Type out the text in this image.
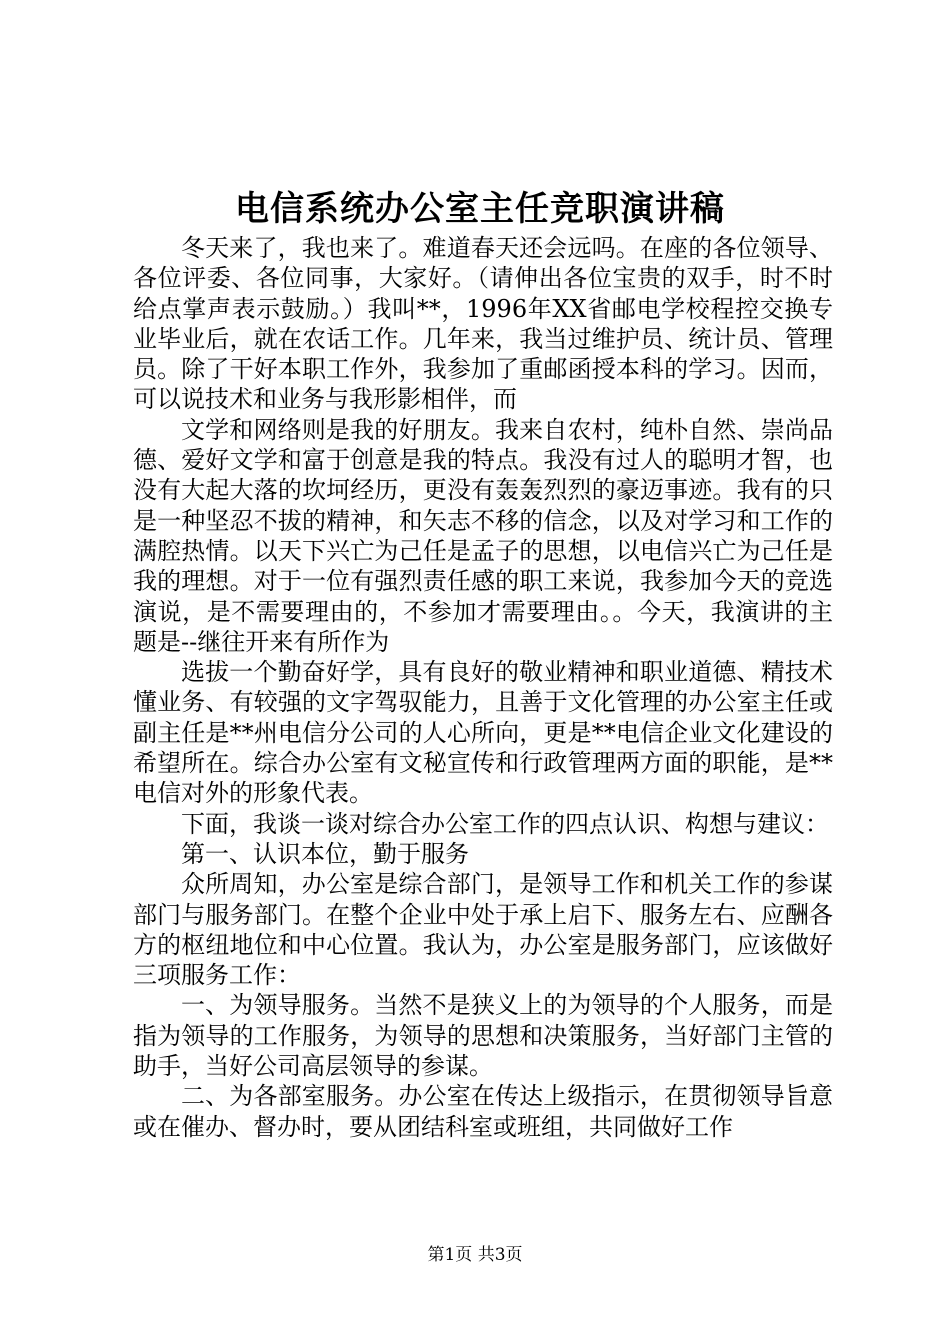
电信系统办公室主任竞职演讲稿

冬天来了，我也来了。难道春天还会远吗。在座的各位领导、各位评委、各位同事，大家好。（请伸出各位宝贵的双手，时不时给点掌声表示鼓励。）我叫**，1996年XX省邮电学校程控交换专业毕业后，就在农话工作。几年来，我当过维护员、统计员、管理员。除了干好本职工作外，我参加了重邮函授本科的学习。因而，可以说技术和业务与我形影相伴，而

文学和网络则是我的好朋友。我来自农村，纯朴自然、崇尚品德、爱好文学和富于创意是我的特点。我没有过人的聪明才智，也没有大起大落的坎坷经历，更没有轰轰烈烈的豪迈事迹。我有的只是一种坚忍不拔的精神，和矢志不移的信念，以及对学习和工作的满腔热情。以天下兴亡为己任是孟子的思想，以电信兴亡为己任是我的理想。对于一位有强烈责任感的职工来说，我参加今天的竞选演说，是不需要理由的，不参加才需要理由。。今天，我演讲的主题是--继往开来有所作为

选拔一个勤奋好学，具有良好的敬业精神和职业道德、精技术懂业务、有较强的文字驾驭能力，且善于文化管理的办公室主任或副主任是**州电信分公司的人心所向，更是**电信企业文化建设的希望所在。综合办公室有文秘宣传和行政管理两方面的职能，是**电信对外的形象代表。

下面，我谈一谈对综合办公室工作的四点认识、构想与建议：

第一、认识本位，勤于服务

众所周知，办公室是综合部门，是领导工作和机关工作的参谋部门与服务部门。在整个企业中处于承上启下、服务左右、应酬各方的枢纽地位和中心位置。我认为，办公室是服务部门，应该做好三项服务工作：

一、为领导服务。当然不是狭义上的为领导的个人服务，而是指为领导的工作服务，为领导的思想和决策服务，当好部门主管的助手，当好公司高层领导的参谋。

二、为各部室服务。办公室在传达上级指示，在贯彻领导旨意或在催办、督办时，要从团结科室或班组，共同做好工作

第1页 共3页
